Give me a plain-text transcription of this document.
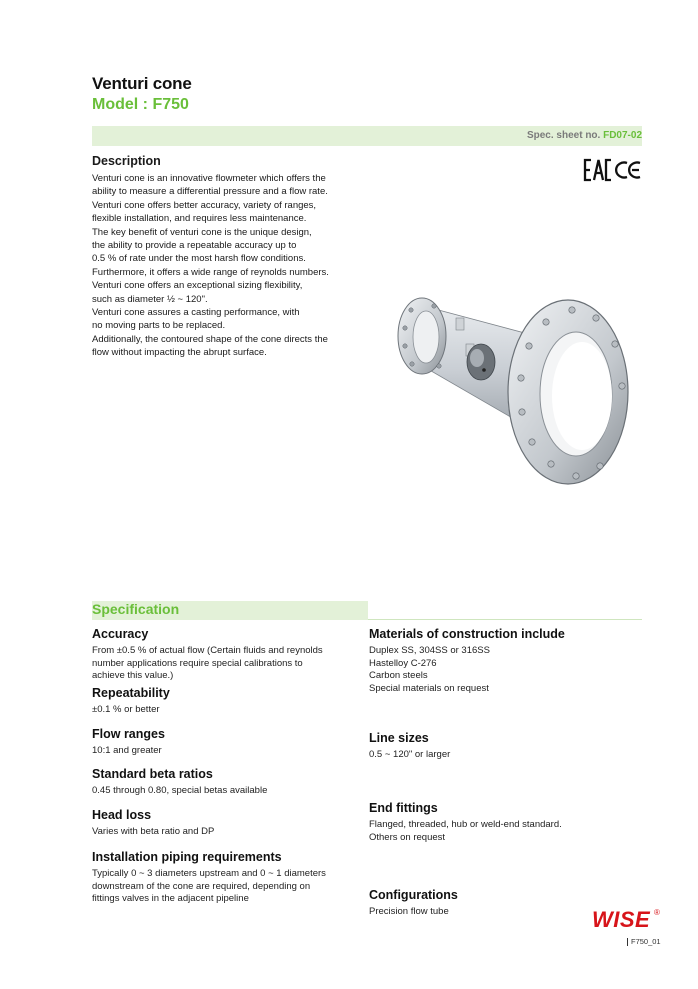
Venturi cone
Model : F750
Spec. sheet no. FD07-02
Description
Venturi cone is an innovative flowmeter which offers the
ability to measure a differential pressure and a flow rate.
Venturi cone offers better accuracy, variety of ranges,
flexible installation, and requires less maintenance.
The key benefit of venturi cone is the unique design,
the ability to provide a repeatable accuracy up to
0.5 % of rate under the most harsh flow conditions.
Furthermore, it offers a wide range of reynolds numbers.
Venturi cone offers an exceptional sizing flexibility,
such as diameter ½ ~ 120".
Venturi cone assures a casting performance, with
no moving parts to be replaced.
Additionally, the contoured shape of the cone directs the
flow without impacting the abrupt surface.
Specification
Accuracy
From ±0.5 % of actual flow (Certain fluids and reynolds
number applications require special calibrations to
achieve this value.)
Repeatability
±0.1 % or better
Flow ranges
10:1 and greater
Standard beta ratios
0.45 through 0.80, special betas available
Head loss
Varies with beta ratio and DP
Installation piping requirements
Typically 0 ~ 3 diameters upstream and 0 ~ 1 diameters
downstream of the cone are required, depending on
fittings valves in the adjacent pipeline
Materials of construction include
Duplex SS, 304SS or 316SS
Hastelloy C-276
Carbon steels
Special materials on request
Line sizes
0.5 ~ 120" or larger
End fittings
Flanged, threaded, hub or weld-end standard.
Others on request
Configurations
Precision flow tube	WISE ®
F750_01
